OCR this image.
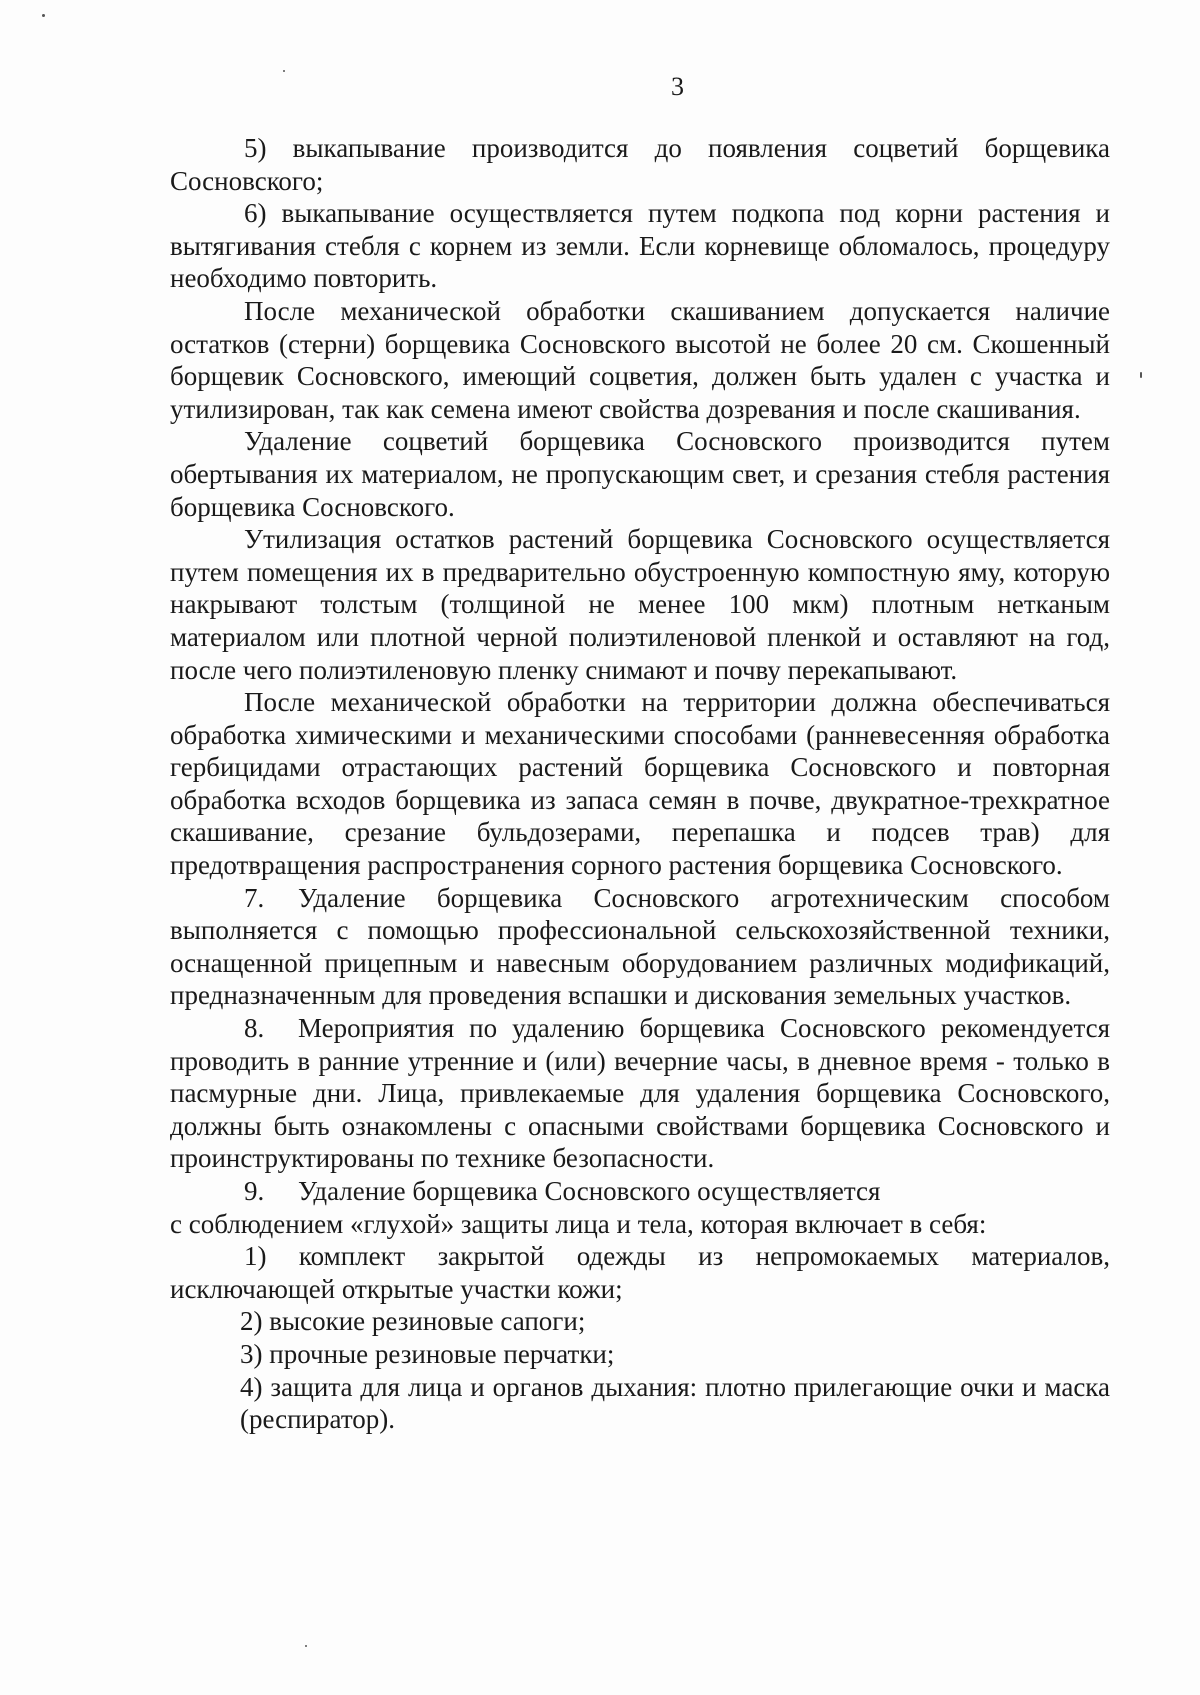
3

5) выкапывание производится до появления соцветий борщевика Сосновского;

6) выкапывание осуществляется путем подкопа под корни растения и вытягивания стебля с корнем из земли. Если корневище обломалось, процедуру необходимо повторить.

После механической обработки скашиванием допускается наличие остатков (стерни) борщевика Сосновского высотой не более 20 см. Скошенный борщевик Сосновского, имеющий соцветия, должен быть удален с участка и утилизирован, так как семена имеют свойства дозревания и после скашивания.

Удаление соцветий борщевика Сосновского производится путем обертывания их материалом, не пропускающим свет, и срезания стебля растения борщевика Сосновского.

Утилизация остатков растений борщевика Сосновского осуществляется путем помещения их в предварительно обустроенную компостную яму, которую накрывают толстым (толщиной не менее 100 мкм) плотным нетканым материалом или плотной черной полиэтиленовой пленкой и оставляют на год, после чего полиэтиленовую пленку снимают и почву перекапывают.

После механической обработки на территории должна обеспечиваться обработка химическими и механическими способами (ранневесенняя обработка гербицидами отрастающих растений борщевика Сосновского и повторная обработка всходов борщевика из запаса семян в почве, двукратное-трехкратное скашивание, срезание бульдозерами, перепашка и подсев трав) для предотвращения распространения сорного растения борщевика Сосновского.

7. Удаление борщевика Сосновского агротехническим способом выполняется с помощью профессиональной сельскохозяйственной техники, оснащенной прицепным и навесным оборудованием различных модификаций, предназначенным для проведения вспашки и дискования земельных участков.

8. Мероприятия по удалению борщевика Сосновского рекомендуется проводить в ранние утренние и (или) вечерние часы, в дневное время - только в пасмурные дни. Лица, привлекаемые для удаления борщевика Сосновского, должны быть ознакомлены с опасными свойствами борщевика Сосновского и проинструктированы по технике безопасности.

9. Удаление борщевика Сосновского осуществляется

с соблюдением «глухой» защиты лица и тела, которая включает в себя:

1) комплект закрытой одежды из непромокаемых материалов, исключающей открытые участки кожи;

2) высокие резиновые сапоги;

3) прочные резиновые перчатки;

4) защита для лица и органов дыхания: плотно прилегающие очки и маска (респиратор).
